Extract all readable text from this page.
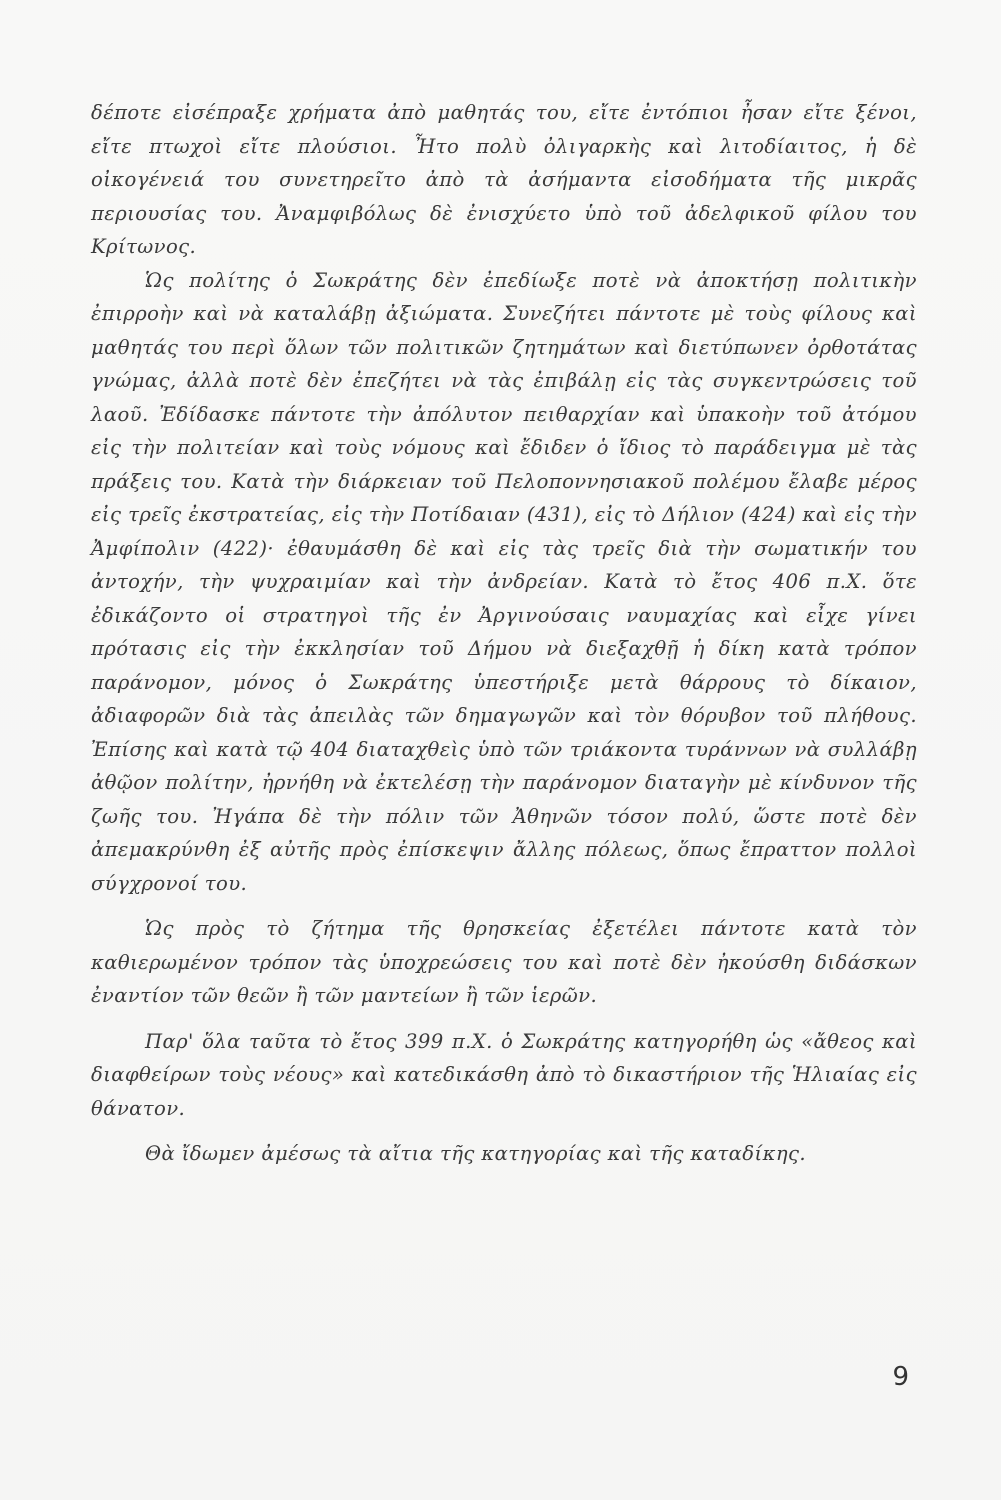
δέποτε εἰσέπραξε χρήματα ἀπὸ μαθητάς του, εἴτε ἐντόπιοι ἦσαν εἴτε ξένοι, εἴτε πτωχοὶ εἴτε πλούσιοι. Ἦτο πολὺ ὀλιγαρκὴς καὶ λιτοδίαιτος, ἡ δὲ οἰκογένειά του συνετηρεῖτο ἀπὸ τὰ ἀσήμαντα εἰσοδήματα τῆς μικρᾶς περιουσίας του. Ἀναμφιβόλως δὲ ἐνισχύετο ὑπὸ τοῦ ἀδελφικοῦ φίλου του Κρίτωνος.

Ὡς πολίτης ὁ Σωκράτης δὲν ἐπεδίωξε ποτὲ νὰ ἀποκτήσῃ πολιτικὴν ἐπιρροὴν καὶ νὰ καταλάβῃ ἀξιώματα. Συνεζήτει πάντοτε μὲ τοὺς φίλους καὶ μαθητάς του περὶ ὅλων τῶν πολιτικῶν ζητημάτων καὶ διετύπωνεν ὀρθοτάτας γνώμας, ἀλλὰ ποτὲ δὲν ἐπεζήτει νὰ τὰς ἐπιβάλῃ εἰς τὰς συγκεντρώσεις τοῦ λαοῦ. Ἐδίδασκε πάντοτε τὴν ἀπόλυτον πειθαρχίαν καὶ ὑπακοὴν τοῦ ἀτόμου εἰς τὴν πολιτείαν καὶ τοὺς νόμους καὶ ἔδιδεν ὁ ἴδιος τὸ παράδειγμα μὲ τὰς πράξεις του. Κατὰ τὴν διάρκειαν τοῦ Πελοποννησιακοῦ πολέμου ἔλαβε μέρος εἰς τρεῖς ἐκστρατείας, εἰς τὴν Ποτίδαιαν (431), εἰς τὸ Δήλιον (424) καὶ εἰς τὴν Ἀμφίπολιν (422)· ἐθαυμάσθη δὲ καὶ εἰς τὰς τρεῖς διὰ τὴν σωματικήν του ἀντοχήν, τὴν ψυχραιμίαν καὶ τὴν ἀνδρείαν. Κατὰ τὸ ἔτος 406 π.Χ. ὅτε ἐδικάζοντο οἱ στρατηγοὶ τῆς ἐν Ἀργινούσαις ναυμαχίας καὶ εἶχε γίνει πρότασις εἰς τὴν ἐκκλησίαν τοῦ Δήμου νὰ διεξαχθῇ ἡ δίκη κατὰ τρόπον παράνομον, μόνος ὁ Σωκράτης ὑπεστήριξε μετὰ θάρρους τὸ δίκαιον, ἀδιαφορῶν διὰ τὰς ἀπειλὰς τῶν δημαγωγῶν καὶ τὸν θόρυβον τοῦ πλήθους. Ἐπίσης καὶ κατὰ τῷ 404 διαταχθεὶς ὑπὸ τῶν τριάκοντα τυράννων νὰ συλλάβῃ ἀθῷον πολίτην, ἠρνήθη νὰ ἐκτελέσῃ τὴν παράνομον διαταγὴν μὲ κίνδυνον τῆς ζωῆς του. Ἠγάπα δὲ τὴν πόλιν τῶν Ἀθηνῶν τόσον πολύ, ὥστε ποτὲ δὲν ἀπεμακρύνθη ἐξ αὐτῆς πρὸς ἐπίσκεψιν ἄλλης πόλεως, ὅπως ἔπραττον πολλοὶ σύγχρονοί του.

Ὡς πρὸς τὸ ζήτημα τῆς θρησκείας ἐξετέλει πάντοτε κατὰ τὸν καθιερωμένον τρόπον τὰς ὑποχρεώσεις του καὶ ποτὲ δὲν ἠκούσθη διδάσκων ἐναντίον τῶν θεῶν ἢ τῶν μαντείων ἢ τῶν ἱερῶν.

Παρ' ὅλα ταῦτα τὸ ἔτος 399 π.Χ. ὁ Σωκράτης κατηγορήθη ὡς «ἄθεος καὶ διαφθείρων τοὺς νέους» καὶ κατεδικάσθη ἀπὸ τὸ δικαστήριον τῆς Ἡλιαίας εἰς θάνατον.

Θὰ ἴδωμεν ἀμέσως τὰ αἴτια τῆς κατηγορίας καὶ τῆς καταδίκης.

9
